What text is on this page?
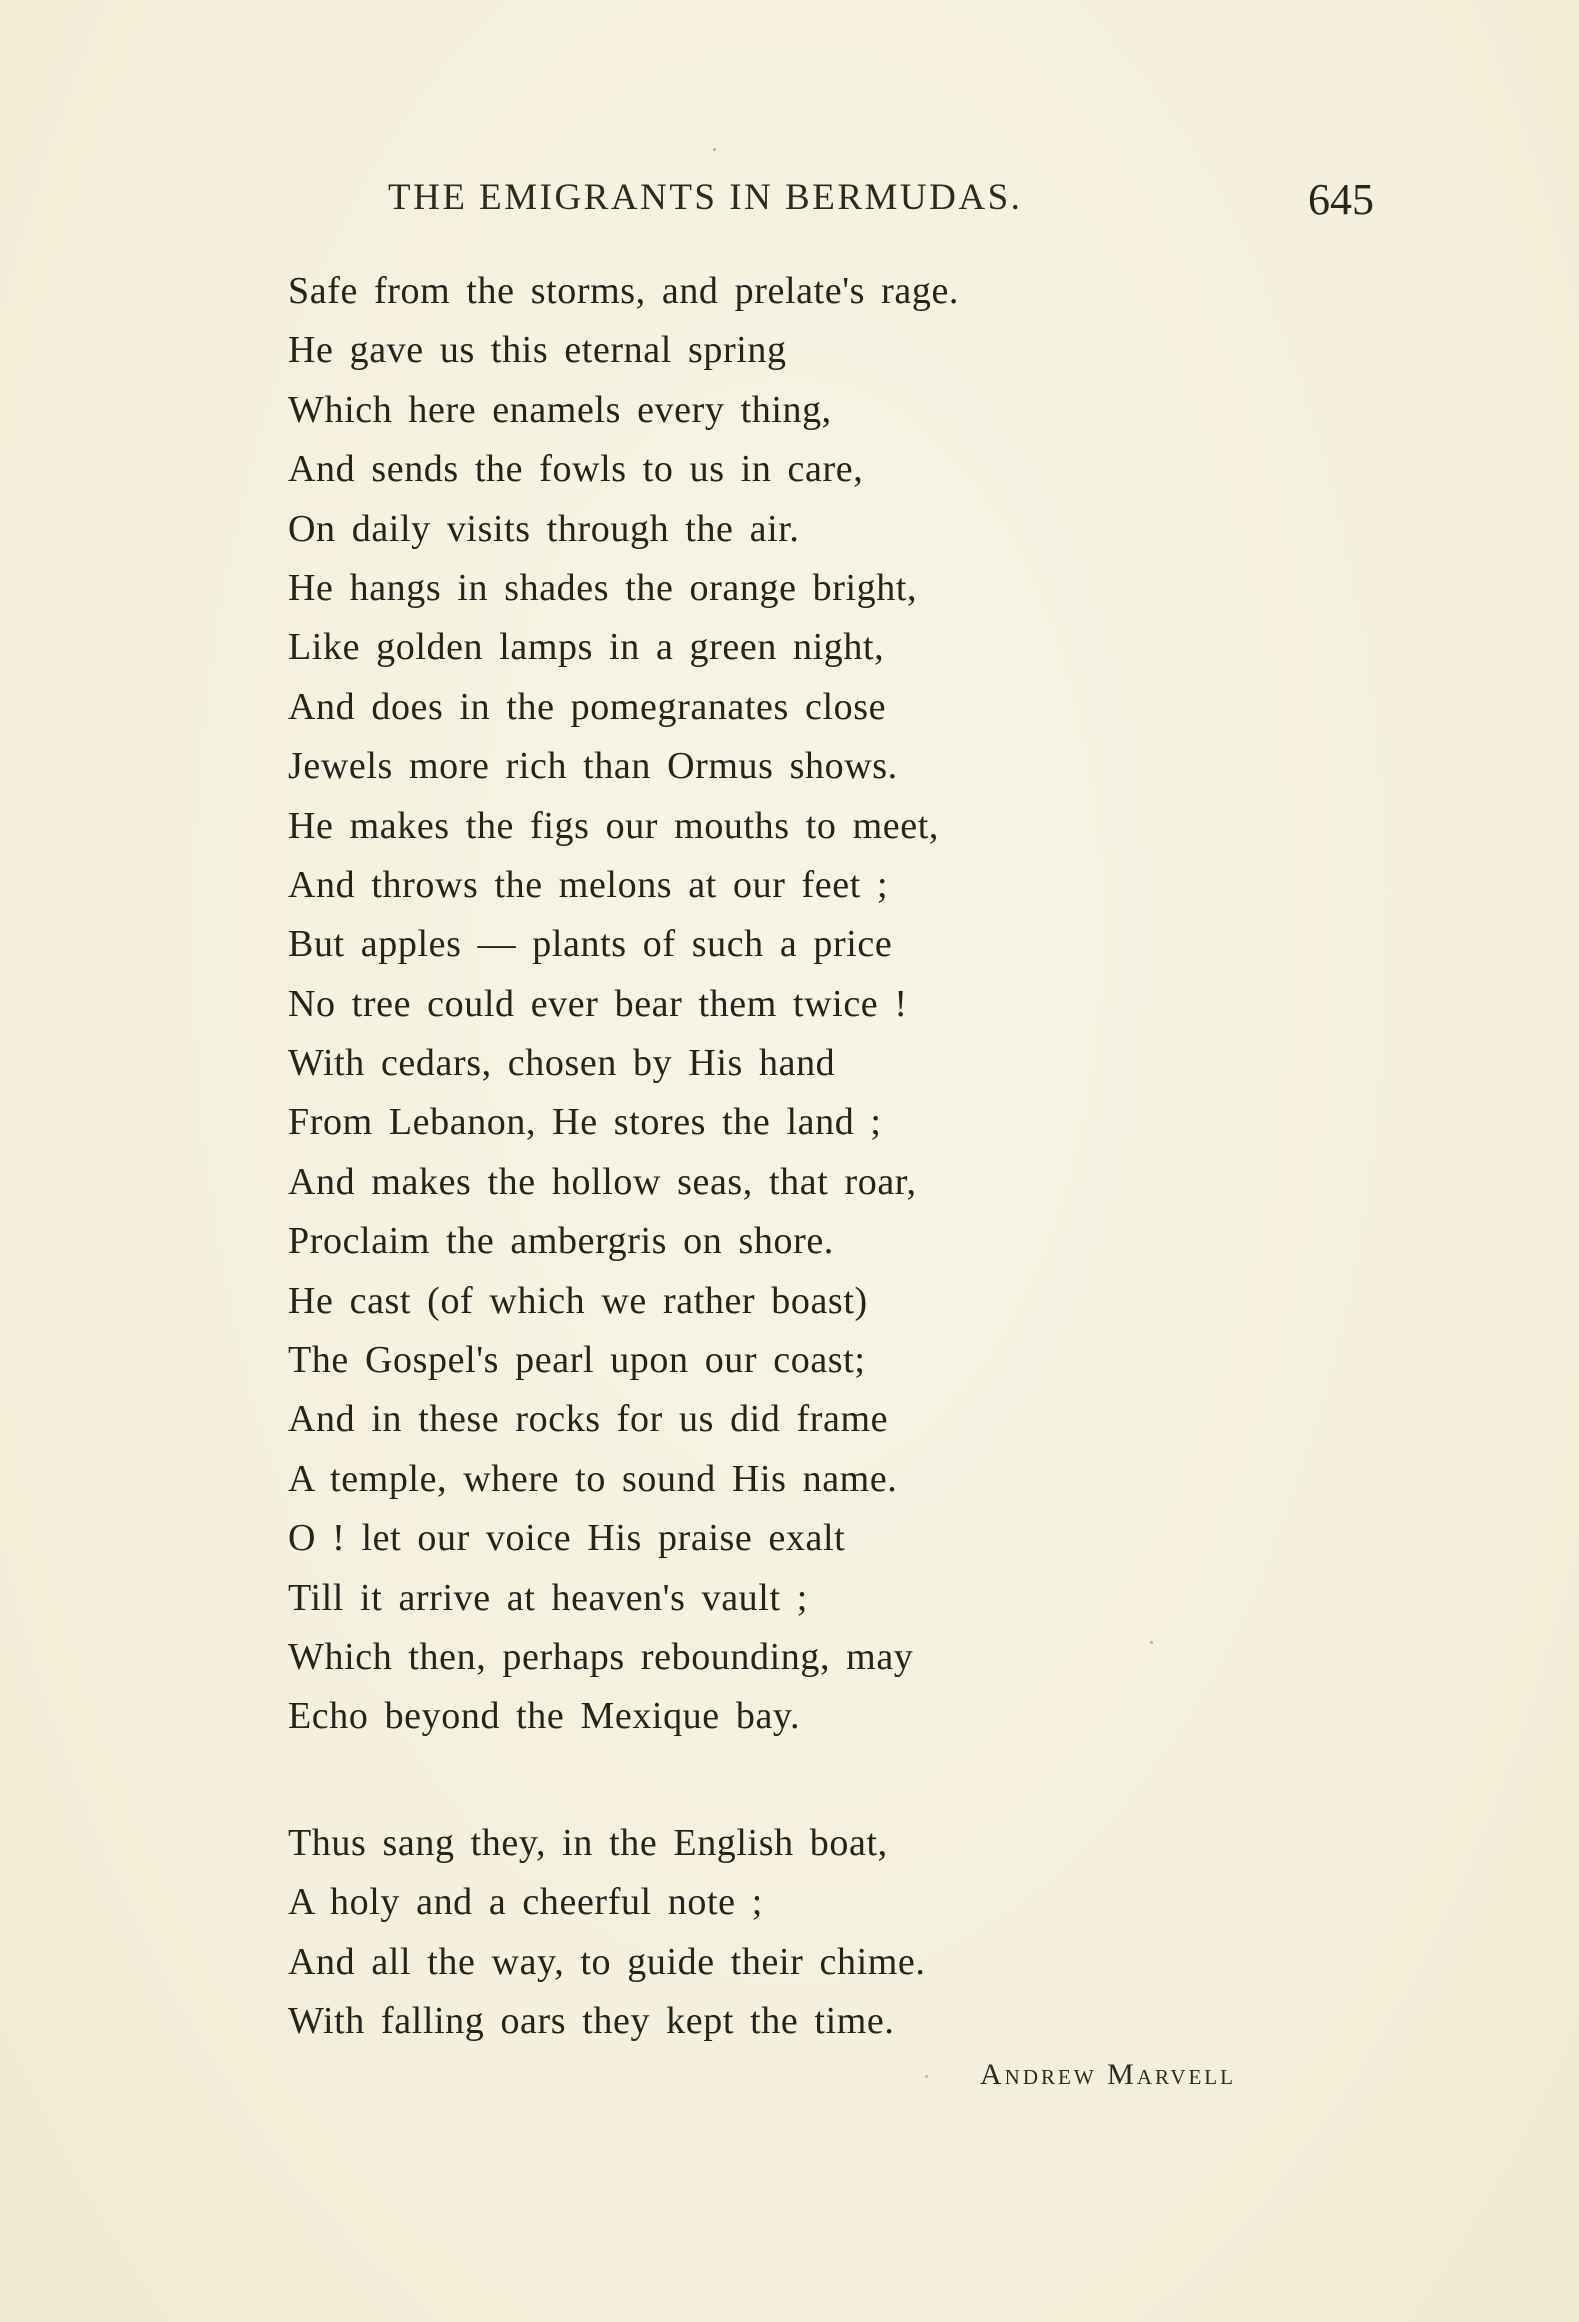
THE EMIGRANTS IN BERMUDAS.	645
Safe from the storms, and prelate's rage.
He gave us this eternal spring
Which here enamels every thing,
And sends the fowls to us in care,
On daily visits through the air.
He hangs in shades the orange bright,
Like golden lamps in a green night,
And does in the pomegranates close
Jewels more rich than Ormus shows.
He makes the figs our mouths to meet,
And throws the melons at our feet ;
But apples — plants of such a price
No tree could ever bear them twice !
With cedars, chosen by His hand
From Lebanon, He stores the land ;
And makes the hollow seas, that roar,
Proclaim the ambergris on shore.
He cast (of which we rather boast)
The Gospel's pearl upon our coast;
And in these rocks for us did frame
A temple, where to sound His name.
O ! let our voice His praise exalt
Till it arrive at heaven's vault ;
Which then, perhaps rebounding, may
Echo beyond the Mexique bay.
Thus sang they, in the English boat,
A holy and a cheerful note ;
And all the way, to guide their chime.
With falling oars they kept the time.
Andrew Marvell
